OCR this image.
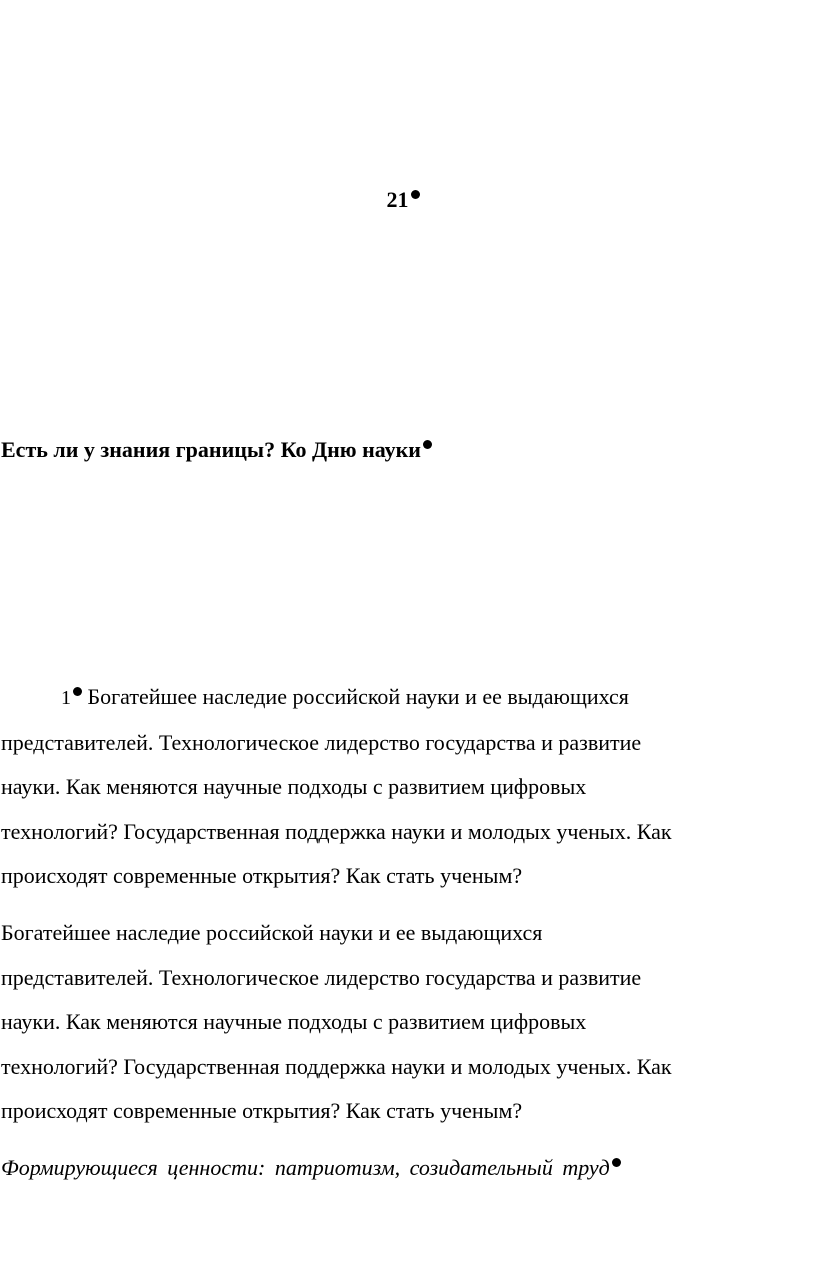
21
Есть ли у знания границы? Ко Дню науки
1 Богатейшее наследие российской науки и ее выдающихся
представителей. Технологическое лидерство государства и развитие
науки. Как меняются научные подходы с развитием цифровых
технологий? Государственная поддержка науки и молодых ученых. Как
происходят современные открытия? Как стать ученым?
Богатейшее наследие российской науки и ее выдающихся
представителей. Технологическое лидерство государства и развитие
науки. Как меняются научные подходы с развитием цифровых
технологий? Государственная поддержка науки и молодых ученых. Как
происходят современные открытия? Как стать ученым?

Формирующиеся ценности: патриотизм, созидательный труд
